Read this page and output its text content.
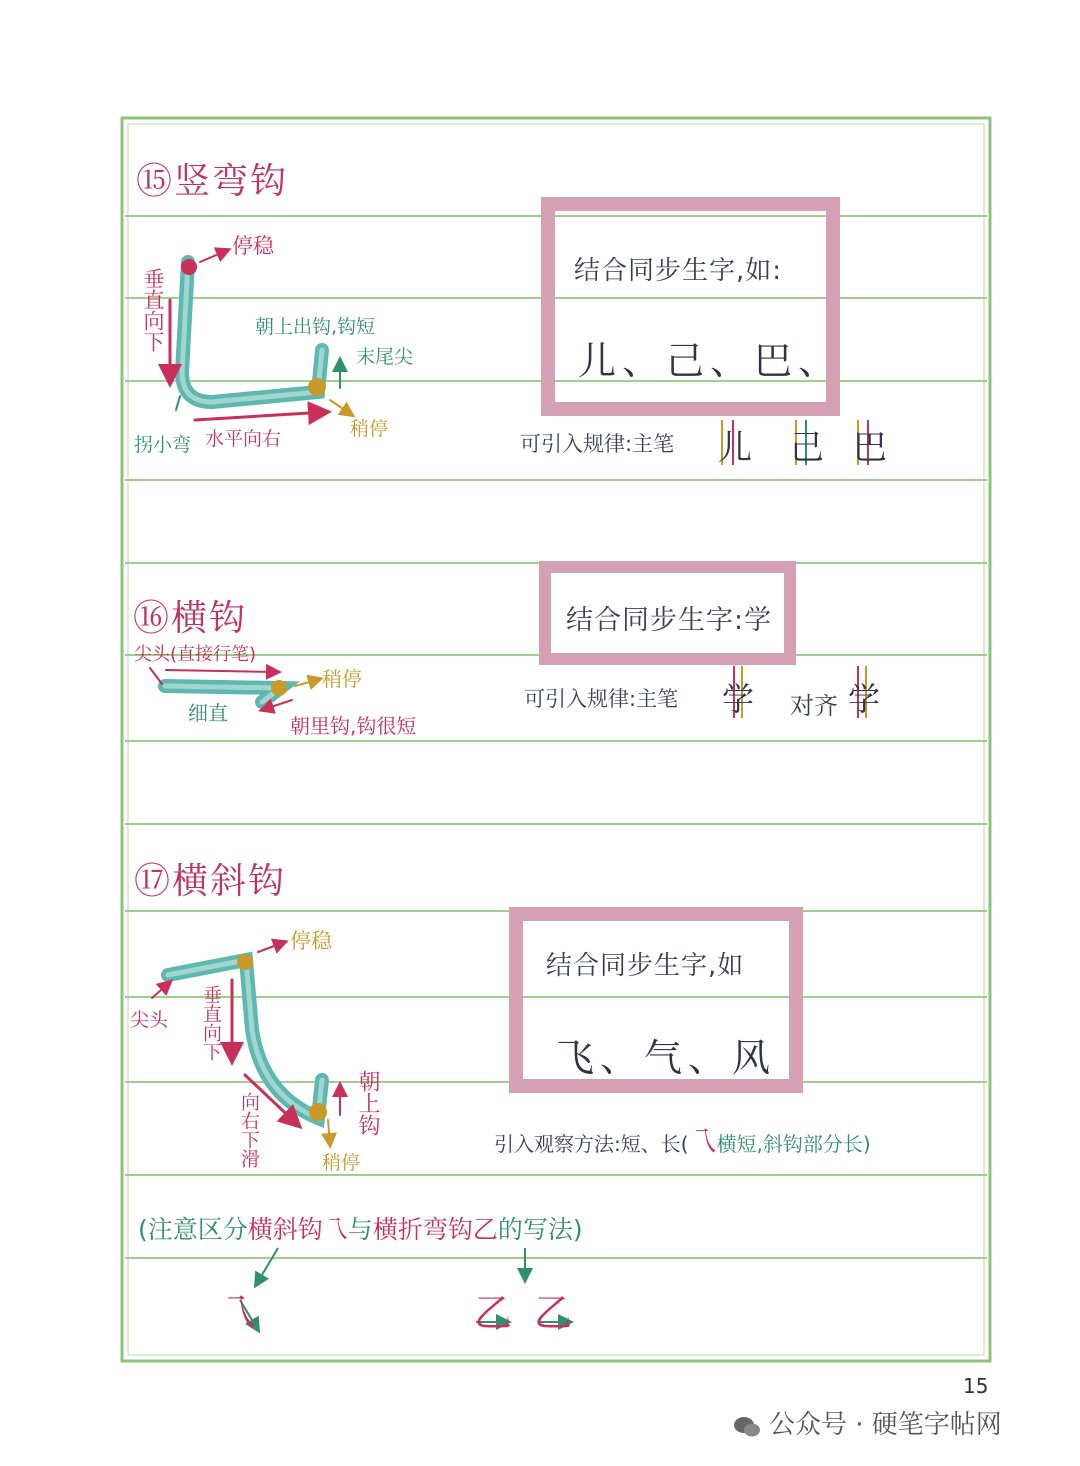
⑮竖弯钩
停稳
垂直向下	朝上出钩,钩短
末尾尖
拐小弯 水平向右	稍停
结合同步生字,如:
儿、己、巴、
可引入规律:主笔 儿 己 巴
⑯横钩
尖头(直接行笔)
细直
稍停
朝里钩,钩很短
结合同步生字:学
可引入规律:主笔 学 对齐 学
⑰横斜钩
停稳
尖头 垂直向下
向右下滑	朝上钩
稍停
结合同步生字,如
飞、气、风
引入观察方法:短、长(乁横短,斜钩部分长)
(注意区分横斜钩乁与横折弯钩乙的写法)
乁	乙 乙
15
公众号 · 硬笔字帖网
